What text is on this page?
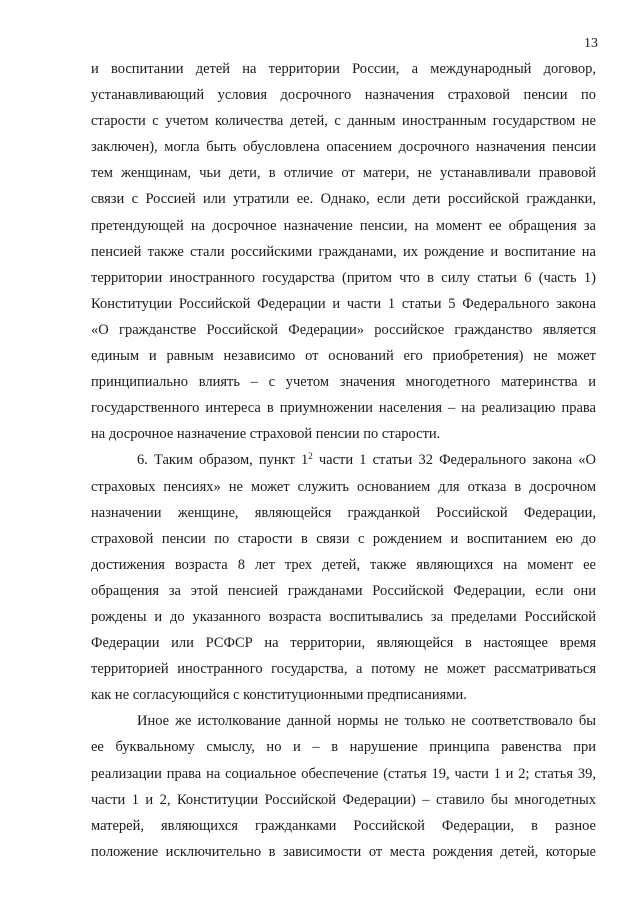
13
и воспитании детей на территории России, а международный договор,
устанавливающий условия досрочного назначения страховой пенсии по
старости с учетом количества детей, с данным иностранным государством не
заключен), могла быть обусловлена опасением досрочного назначения пенсии
тем женщинам, чьи дети, в отличие от матери, не устанавливали правовой
связи с Россией или утратили ее. Однако, если дети российской гражданки,
претендующей на досрочное назначение пенсии, на момент ее обращения за
пенсией также стали российскими гражданами, их рождение и воспитание на
территории иностранного государства (притом что в силу статьи 6 (часть 1)
Конституции Российской Федерации и части 1 статьи 5 Федерального закона
«О гражданстве Российской Федерации» российское гражданство является
единым и равным независимо от оснований его приобретения) не может
принципиально влиять – с учетом значения многодетного материнства и
государственного интереса в приумножении населения – на реализацию права
на досрочное назначение страховой пенсии по старости.
6. Таким образом, пункт $1^2$ части 1 статьи 32 Федерального закона «О
страховых пенсиях» не может служить основанием для отказа в досрочном
назначении женщине, являющейся гражданкой Российской Федерации,
страховой пенсии по старости в связи с рождением и воспитанием ею до
достижения возраста 8 лет трех детей, также являющихся на момент ее
обращения за этой пенсией гражданами Российской Федерации, если они
рождены и до указанного возраста воспитывались за пределами Российской
Федерации или РСФСР на территории, являющейся в настоящее время
территорией иностранного государства, а потому не может рассматриваться
как не согласующийся с конституционными предписаниями.
Иное же истолкование данной нормы не только не соответствовало бы
ее буквальному смыслу, но и – в нарушение принципа равенства при
реализации права на социальное обеспечение (статья 19, части 1 и 2; статья 39,
части 1 и 2, Конституции Российской Федерации) – ставило бы многодетных
матерей, являющихся гражданками Российской Федерации, в разное
положение исключительно в зависимости от места рождения детей, которые
